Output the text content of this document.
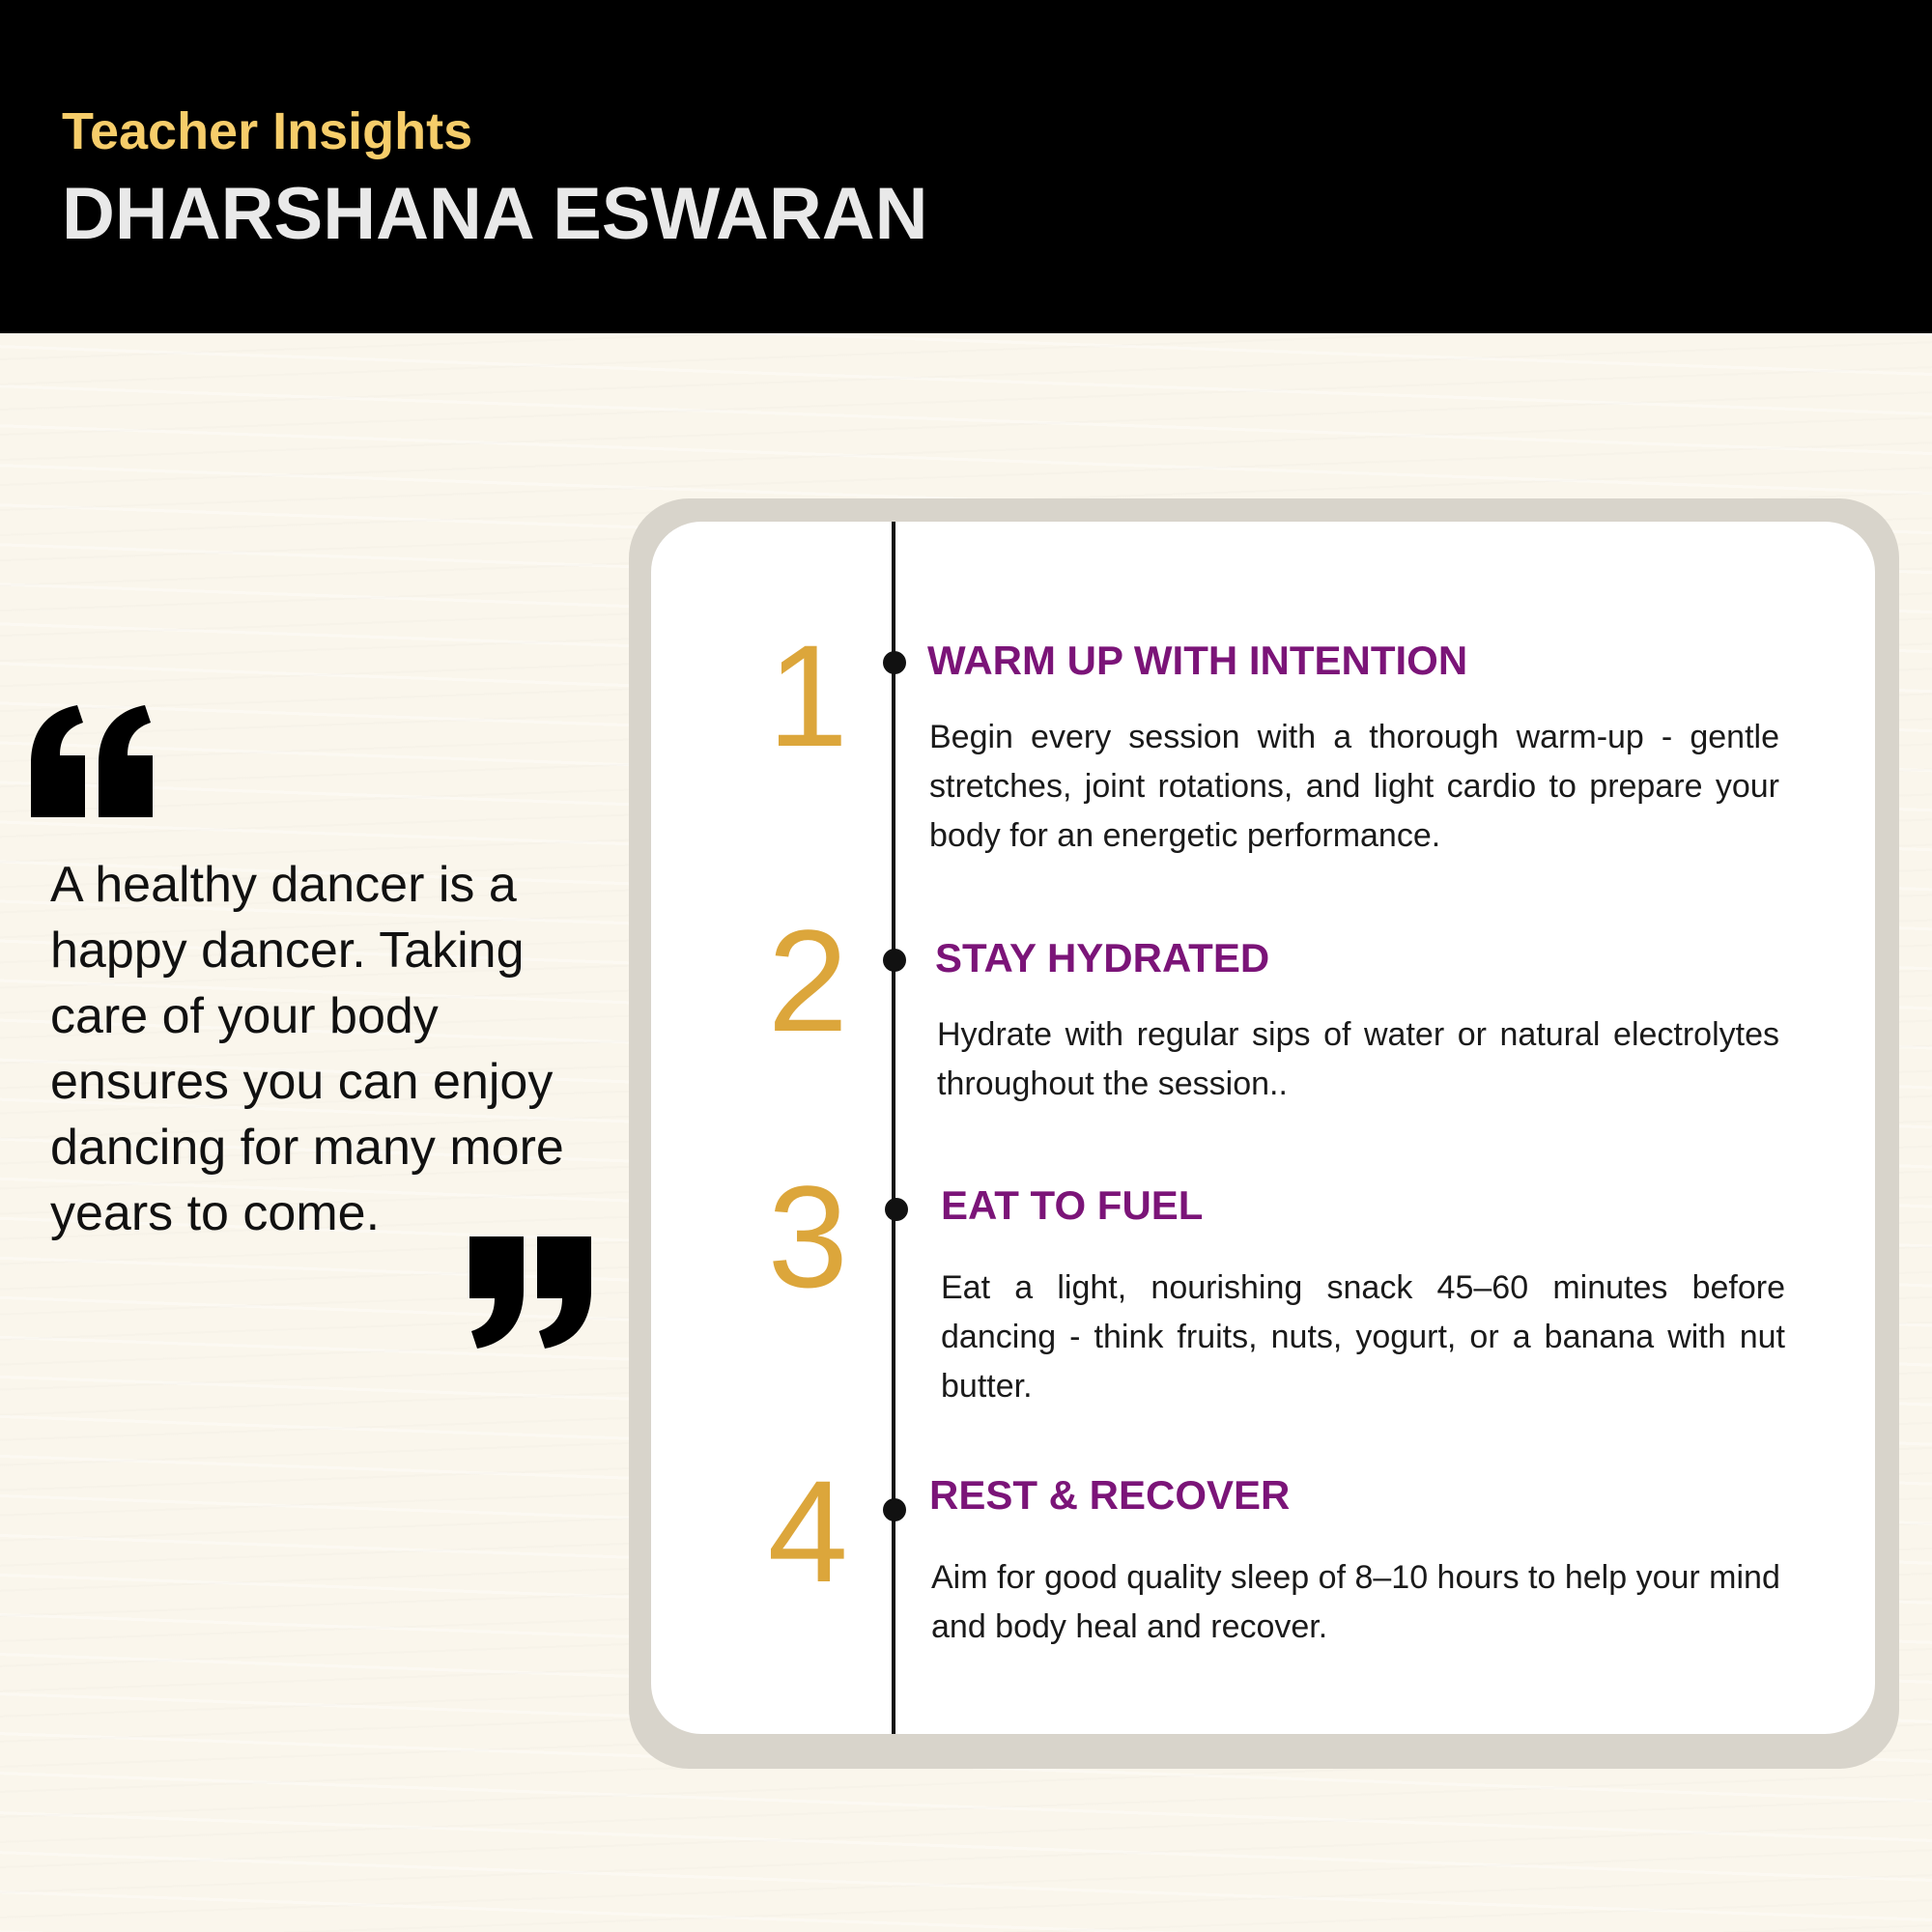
Teacher Insights
DHARSHANA ESWARAN

A healthy dancer is a happy dancer. Taking care of your body ensures you can enjoy dancing for many more years to come.

1 WARM UP WITH INTENTION

Begin every session with a thorough warm-up - gentle stretches, joint rotations, and light cardio to prepare your body for an energetic performance.

2 STAY HYDRATED

Hydrate with regular sips of water or natural electrolytes throughout the session..

3 EAT TO FUEL

Eat a light, nourishing snack 45–60 minutes before dancing - think fruits, nuts, yogurt, or a banana with nut butter.

4 REST & RECOVER

Aim for good quality sleep of 8–10 hours to help your mind and body heal and recover.
